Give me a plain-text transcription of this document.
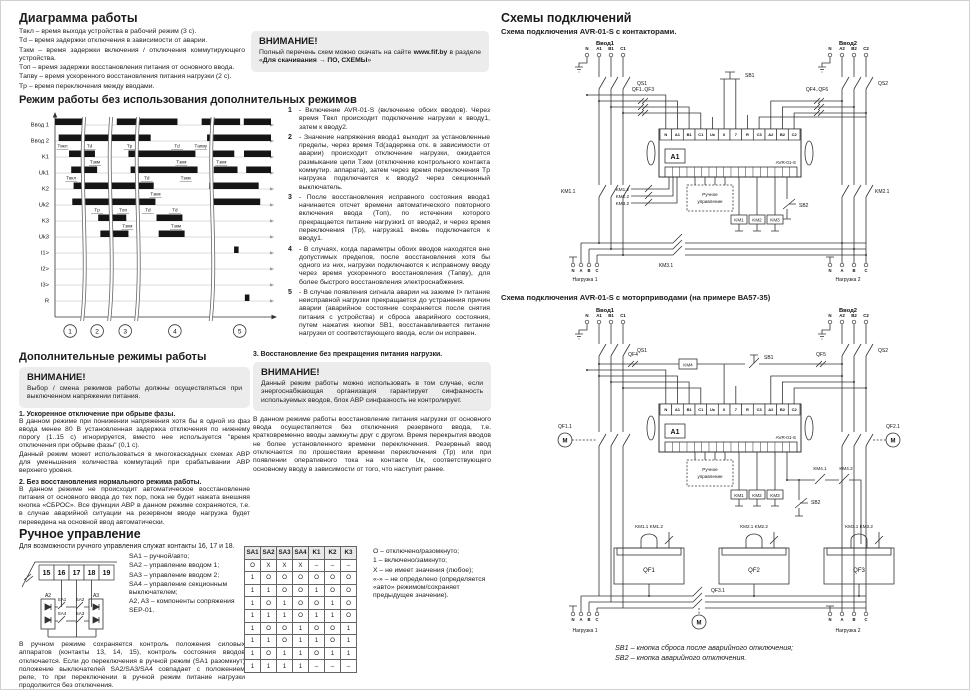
Диаграмма работы
Tвкл – время выхода устройства в рабочий режим (3 с).
Td – время задержки отключения в зависимости от аварии.
Tзкм – время задержки включения / отключения коммутирующего устройства.
Tоп – время задержки восстановления питания от основного ввода.
Tапву – время ускоренного восстановления питания нагрузки (2 с).
Tр – время переключения между вводами.
ВНИМАНИЕ!
Полный перечень схем можно скачать на сайте www.fif.by в разделе «Для скачивания → ПО, СХЕМЫ»
Режим работы без использования дополнительных режимов
Ввод 1
Ввод 2
K1
Uk1
K2
Uk2
K3
Uk3
I1>
I2>
I3>
R
Tвкл	Td	Tр	Td	Tапву
Tзкм	Tзкм	Tзкм
Tвкл	Td	Tзкм
Tзкм
Tр	Tоп	Td	Td
Tзкм	Tзкм
1	2	3	4	5
1	- Включение AVR-01-S (включение обоих вводов). Через время Tвкл происходит подключение нагрузки к вводу1, затем к вводу2.
2	- Значение напряжения ввода1 выходит за установленные пределы, через время Td(задержка отк. в зависимости от аварии) происходит отключение нагрузки, ожидается размыкание цепи Tзкм (отключение контрольного контакта коммутир. аппарата), затем через время переключения Tр нагрузка подключается к вводу2 через секционный выключатель.
3	- После восстановления исправного состояния ввода1 начинается отсчет времени автоматического повторного включения ввода (Tоп), по истечении которого прекращается питание нагрузки1 от ввода2, и через время переключения (Tр), нагрузка1 вновь подключается к вводу1.
4	- В случаях, когда параметры обоих вводов находятся вне допустимых пределов, после восстановления хотя бы одного из них, нагрузки подключаются к исправному вводу через время ускоренного восстановления (Tапву), для более быстрого восстановления электроснабжения.
5	- В случае появления сигнала аварии на зажиме I> питание неисправной нагрузки прекращается до устранения причин аварии (аварийное состояние сохраняется после снятия питания с устройства) и сброса аварийного состояния, путем нажатия кнопки SB1, восстанавливается питание нагрузки от соответствующего ввода, если он исправен.
Дополнительные режимы работы
ВНИМАНИЕ!
Выбор / смена режимов работы должны осуществляться при выключенном напряжении питания.
1. Ускоренное отключение при обрыве фазы.
В данном режиме при понижении напряжения хотя бы в одной из фаз ввода менее 80 В установленная задержка отключения по нижнему порогу (1..15 с) игнорируется, вместо нее используется "время отключения при обрыве фазы" (0,1 с).
Данный режим может использоваться в многокаскадных схемах АВР для уменьшения количества коммутаций при срабатывании АВР верхнего уровня.
2. Без восстановления нормального режима работы.
В данном режиме не происходит автоматическое восстановление питания от основного ввода до тех пор, пока не будет нажата внешняя кнопка «СБРОС». Все функции АВР в данном режиме сохраняются, т.е. в случае аварийной ситуации на резервном вводе нагрузка будет переведена на основной ввод автоматически.
3. Восстановление без прекращения питания нагрузки.
ВНИМАНИЕ!
Данный режим работы можно использовать в том случае, если энергоснабжающая организация гарантирует синфазность используемых вводов, блок АВР синфазность не контролирует.
В данном режиме работы восстановление питания нагрузки от основного ввода осуществляется без отключения резервного ввода, т.е. кратковременно вводы замкнуты друг с другом. Время перекрытия вводов не более установленного времени переключения. Резервный ввод отключается по прошествии времени переключения (Tр) или при появлении оперативного тока на контакте Uк, соответствующего основному вводу в зависимости от того, что наступит ранее.
Ручное управление
Для возможности ручного управления служат контакты 16, 17 и 18.
15 16 17 18 19
A2	A3
SA1 SA2
SA4 SA3
SA1 – ручной/авто;
SA2 – управление вводом 1;
SA3 – управление вводом 2;
SA4 – управление секционным выключателем;
A2, A3 – компоненты сопряжения SEP-01.
В ручном режиме сохраняется контроль положения силовых аппаратов (контакты 13, 14, 15), контроль состояния вводов отключается. Если до переключения в ручной режим (SA1 разомкнут) положение выключателей SA2/SA3/SA4 совпадает с положением реле, то при переключении в ручной режим питание нагрузки продолжится без отключения.
SA1	SA2	SA3	SA4	K1	K2	K3
О	Х	Х	Х	–	–	–
1	О	О	О	О	О	О
1	1	О	О	1	О	О
1	О	1	О	О	1	О
1	1	1	О	1	1	О
1	О	О	1	О	О	1
1	1	О	1	1	О	1
1	О	1	1	О	1	1
1	1	1	1	–	–	–
О – отключено/разомкнуто;
1 – включено/замкнуто;
Х – не имеет значения (любое);
«-» – не определено (определяется «авто» режимом/сохраняет предыдущее значение).
Схемы подключений
Схема подключения AVR-01-S с контакторами.
Ввод1	Ввод2
N A1 B1 C1	N A2 B2 C2
QS1	QS2
QF1..QF3	QF4..QF6
KM1.1	KM2.1
SB1
SB2
N A1 B1 C1 Uк 6 7 R C3 A2 B2 C2
A1
AVR-01-S
KM1.2
KM2.2
KM3.2
Ручное
управление
KM1 KM2 KM3
KM3.1
N A B C	N A B C
Нагрузка 1	Нагрузка 2
Схема подключения AVR-01-S с моторприводами (на примере ВА57-35)
Ввод1	Ввод2
N A1 B1 C1	N A2 B2 C2
QS1	QS2
QF4	QF5
KM4
SB1
M	M
QF1.1	QF2.1
N A1 B1 C1 Uк 6 7 R C3 A2 B2 C2
A1
AVR-01-S
Ручное
управление
KM1 KM2 KM3
KM4.1	KM4.2
SB2
KM1.1 KM1.2	KM2.1 KM2.2	KM3.1 KM3.2
QF1	QF2	QF3
QF3.1
M
N A B C	N A B C
Нагрузка 1	Нагрузка 2
SB1 – кнопка сброса после аварийного отключения;
SB2 – кнопка аварийного отключения.
